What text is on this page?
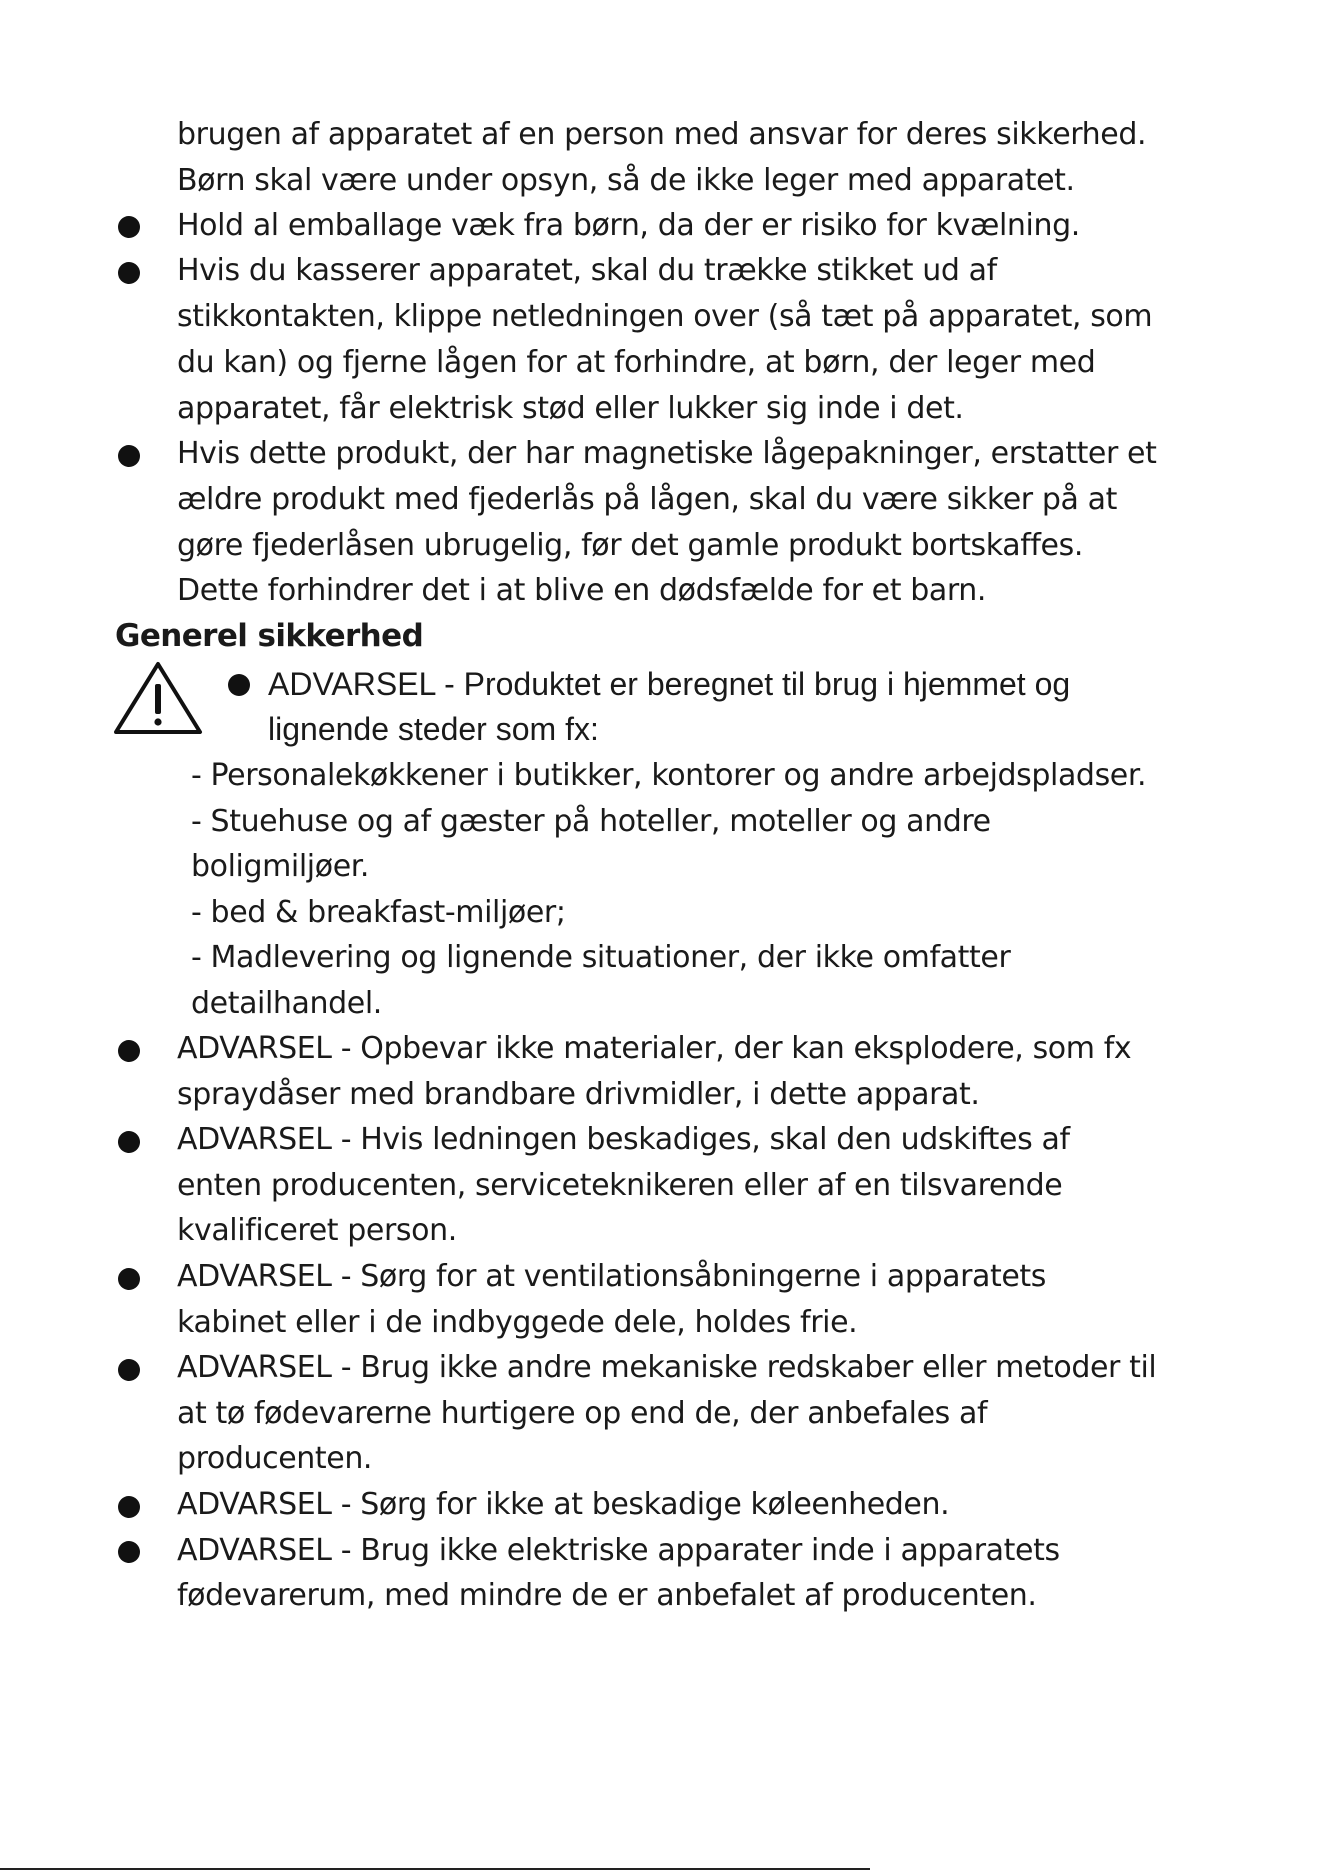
brugen af apparatet af en person med ansvar for deres sikkerhed.
Børn skal være under opsyn, så de ikke leger med apparatet.
Hold al emballage væk fra børn, da der er risiko for kvælning.
Hvis du kasserer apparatet, skal du trække stikket ud af
stikkontakten, klippe netledningen over (så tæt på apparatet, som
du kan) og fjerne lågen for at forhindre, at børn, der leger med
apparatet, får elektrisk stød eller lukker sig inde i det.
Hvis dette produkt, der har magnetiske lågepakninger, erstatter et
ældre produkt med fjederlås på lågen, skal du være sikker på at
gøre fjederlåsen ubrugelig, før det gamle produkt bortskaffes.
Dette forhindrer det i at blive en dødsfælde for et barn.
Generel sikkerhed
ADVARSEL - Produktet er beregnet til brug i hjemmet og
lignende steder som fx:
- Personalekøkkener i butikker, kontorer og andre arbejdspladser.
- Stuehuse og af gæster på hoteller, moteller og andre
boligmiljøer.
- bed & breakfast-miljøer;
- Madlevering og lignende situationer, der ikke omfatter
detailhandel.
ADVARSEL - Opbevar ikke materialer, der kan eksplodere, som fx
spraydåser med brandbare drivmidler, i dette apparat.
ADVARSEL - Hvis ledningen beskadiges, skal den udskiftes af
enten producenten, serviceteknikeren eller af en tilsvarende
kvalificeret person.
ADVARSEL - Sørg for at ventilationsåbningerne i apparatets
kabinet eller i de indbyggede dele, holdes frie.
ADVARSEL - Brug ikke andre mekaniske redskaber eller metoder til
at tø fødevarerne hurtigere op end de, der anbefales af
producenten.
ADVARSEL - Sørg for ikke at beskadige køleenheden.
ADVARSEL - Brug ikke elektriske apparater inde i apparatets
fødevarerum, med mindre de er anbefalet af producenten.
